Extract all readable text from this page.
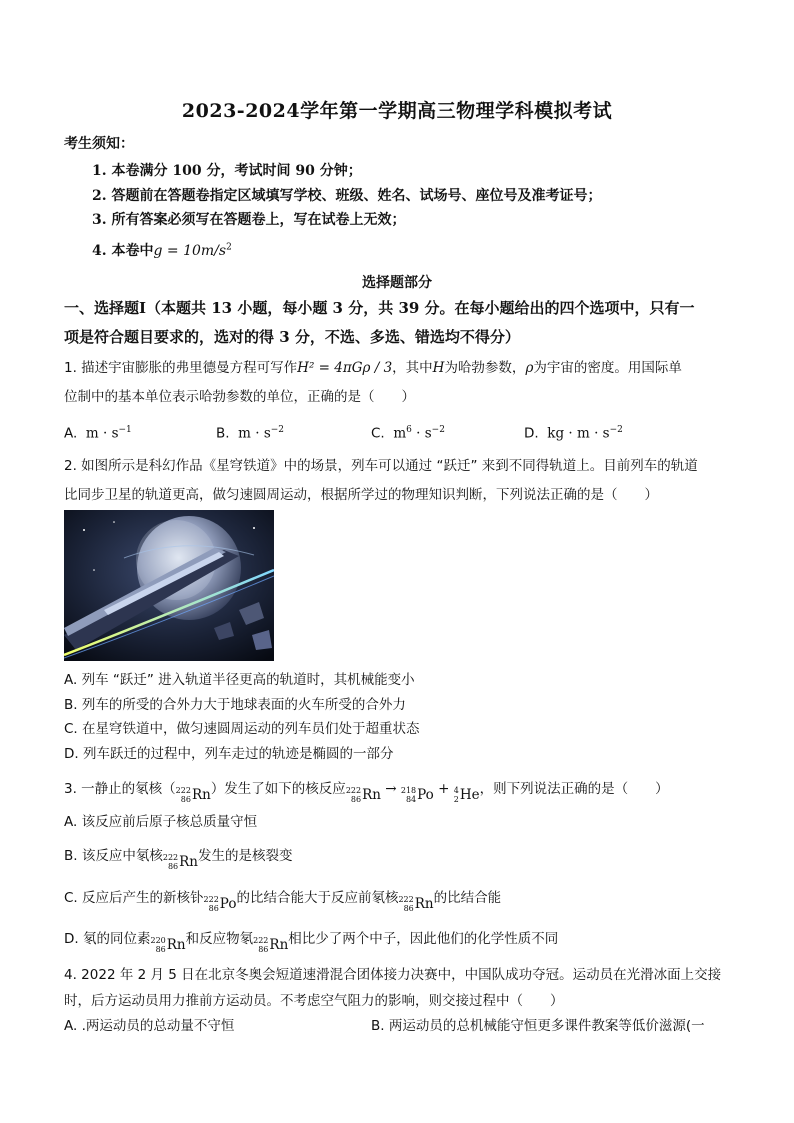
2023-2024学年第一学期高三物理学科模拟考试
考生须知：
1. 本卷满分 100 分，考试时间 90 分钟；
2. 答题前在答题卷指定区域填写学校、班级、姓名、试场号、座位号及准考证号；
3. 所有答案必须写在答题卷上，写在试卷上无效；
4. 本卷中$g = 10m/s^2$
选择题部分
一、选择题Ⅰ（本题共 13 小题，每小题 3 分，共 39 分。在每小题给出的四个选项中，只有一
项是符合题目要求的，选对的得 3 分，不选、多选、错选均不得分）
1. 描述宇宙膨胀的弗里德曼方程可写作H² = 4πGρ / 3，其中H为哈勃参数，ρ为宇宙的密度。用国际单
位制中的基本单位表示哈勃参数的单位，正确的是（　　）
A. $m \cdot s^{-1}$	B. $m \cdot s^{-2}$	C. $m^6 \cdot s^{-2}$	D. kg · $m \cdot s^{-2}$
2. 如图所示是科幻作品《星穹铁道》中的场景，列车可以通过 “跃迁” 来到不同得轨道上。目前列车的轨道
比同步卫星的轨道更高，做匀速圆周运动，根据所学过的物理知识判断，下列说法正确的是（　　）
A. 列车 “跃迁” 进入轨道半径更高的轨道时，其机械能变小
B. 列车的所受的合外力大于地球表面的火车所受的合外力
C. 在星穹铁道中，做匀速圆周运动的列车员们处于超重状态
D. 列车跃迁的过程中，列车走过的轨迹是椭圆的一部分
3. 一静止的氡核（ 222
86 Rn ）发生了如下的核反应 222
86 Rn → 218
84 Po + 4
2 He ，则下列说法正确的是（　　）
A. 该反应前后原子核总质量守恒
B. 该反应中氡核 222
86 Rn 发生的是核裂变
C. 反应后产生的新核钋 222
86 Po 的比结合能大于反应前氡核 222
86 Rn 的比结合能
D. 氡的同位素 220
86 Rn 和反应物氡 222
86 Rn 相比少了两个中子，因此他们的化学性质不同
4. 2022 年 2 月 5 日在北京冬奥会短道速滑混合团体接力决赛中，中国队成功夺冠。运动员在光滑冰面上交接
时，后方运动员用力推前方运动员。不考虑空气阻力的影响，则交接过程中（　　）
A. .两运动员的总动量不守恒	B. 两运动员的总机械能守恒更多课件教案等低价滋源(一
